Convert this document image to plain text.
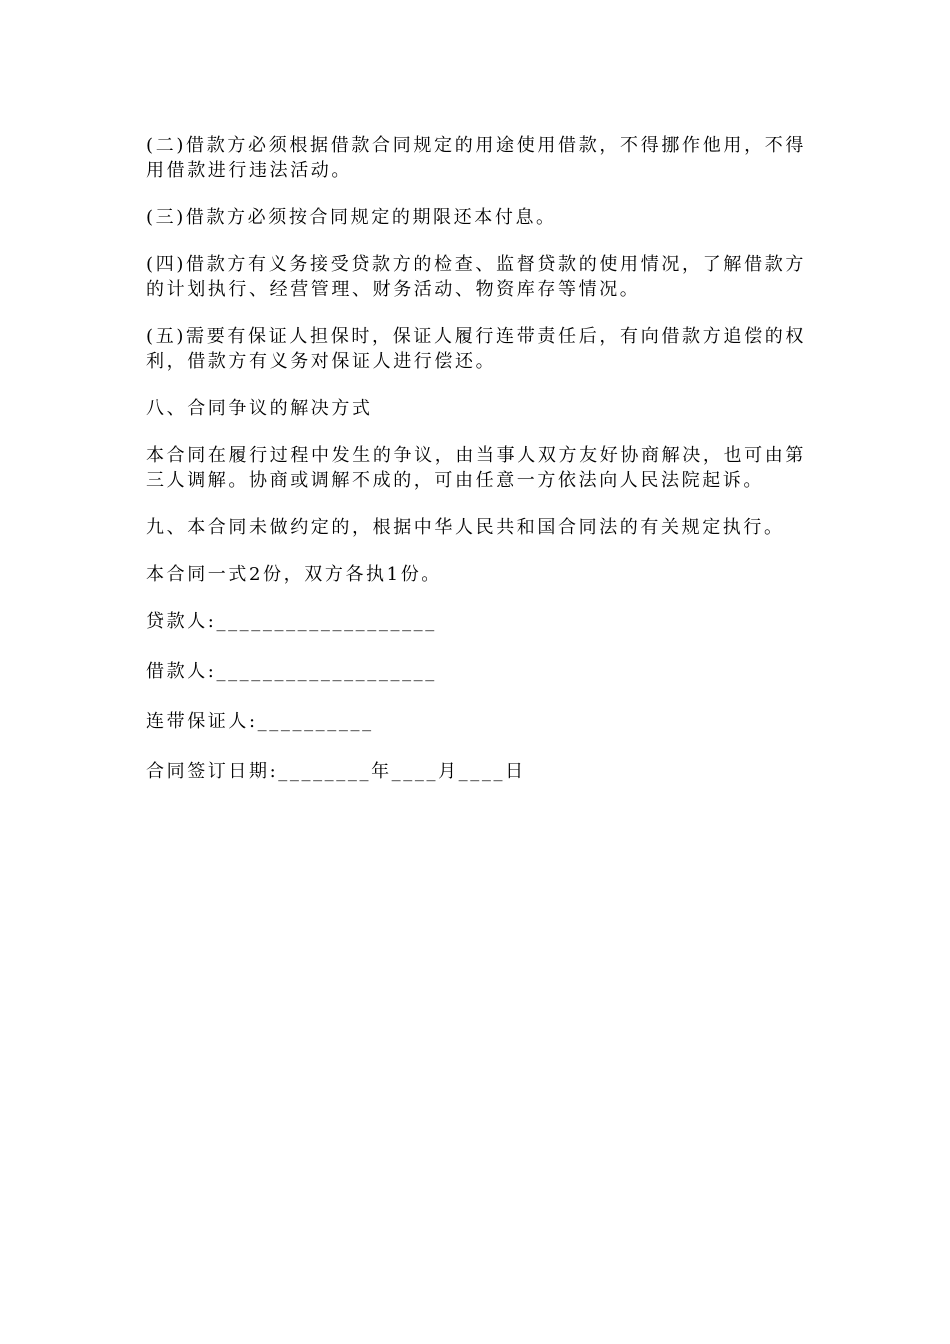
(二)借款方必须根据借款合同规定的用途使用借款，不得挪作他用，不得用借款进行违法活动。

(三)借款方必须按合同规定的期限还本付息。

(四)借款方有义务接受贷款方的检查、监督贷款的使用情况，了解借款方的计划执行、经营管理、财务活动、物资库存等情况。

(五)需要有保证人担保时，保证人履行连带责任后，有向借款方追偿的权利，借款方有义务对保证人进行偿还。

八、合同争议的解决方式

本合同在履行过程中发生的争议，由当事人双方友好协商解决，也可由第三人调解。协商或调解不成的，可由任意一方依法向人民法院起诉。

九、本合同未做约定的，根据中华人民共和国合同法的有关规定执行。

本合同一式2份，双方各执1份。

贷款人:___________________

借款人:___________________

连带保证人:__________

合同签订日期:________年____月____日
